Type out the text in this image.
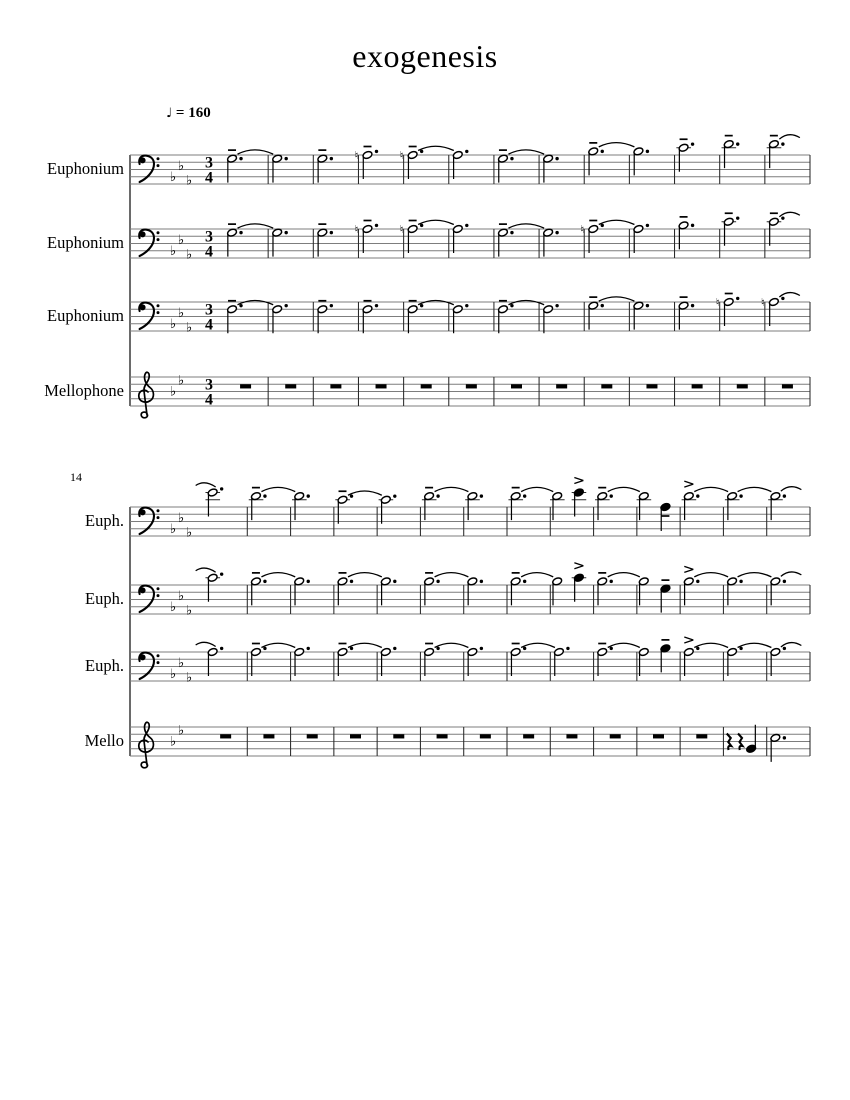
exogenesis
♩ = 160
14
Euphonium
Euphonium
Euphonium
Mellophone
Euph.
Euph.
Euph.
Mello
♭
♭
♭
3
4
♮	♮
♭
♭
♭
3
4
♮	♮	♮
♭
♭
♭
3
4
♮	♮
♭
♭ 3
4
♭
♭
♭
♭
♭
♭
♭
♭
♭
♭
♭
